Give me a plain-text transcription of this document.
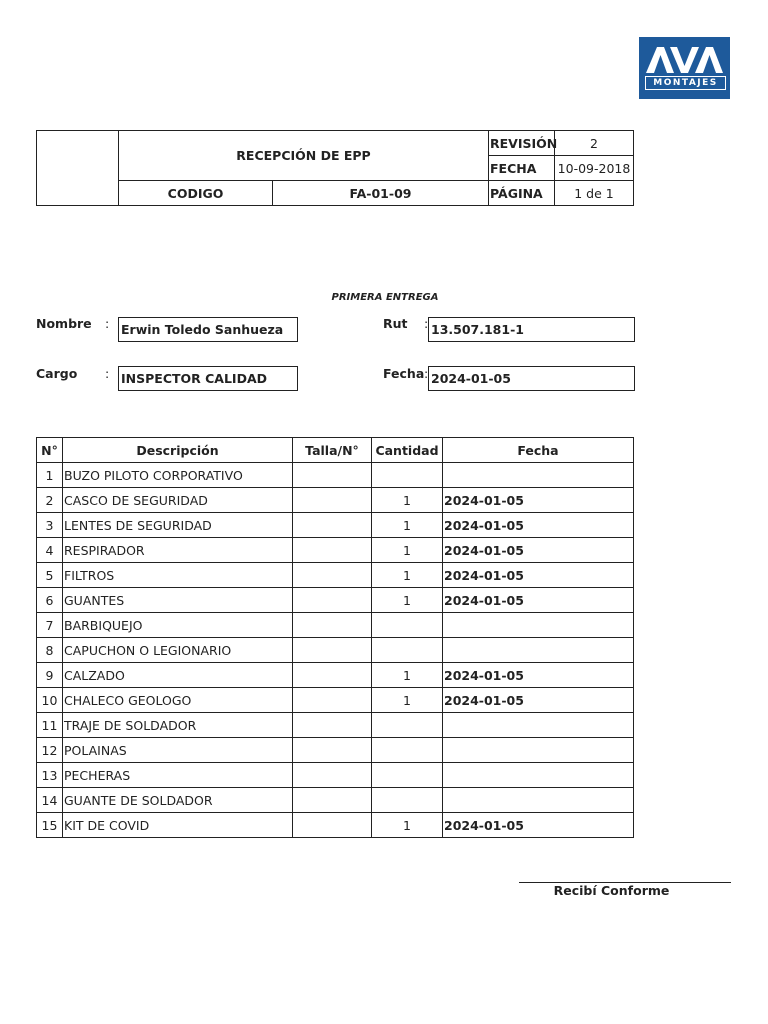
MONTAJES
RECEPCIÓN DE EPP
CODIGO	FA-01-09
REVISIÓN	2
FECHA	10-09-2018
PÁGINA	1 de 1
PRIMERA ENTREGA
Nombre : Erwin Toledo Sanhueza	Rut : 13.507.181-1
Cargo : INSPECTOR CALIDAD	Fecha : 2024-01-05
N°	Descripción	Talla/N°	Cantidad	Fecha
1	BUZO PILOTO CORPORATIVO			
2	CASCO DE SEGURIDAD		1	2024-01-05
3	LENTES DE SEGURIDAD		1	2024-01-05
4	RESPIRADOR		1	2024-01-05
5	FILTROS		1	2024-01-05
6	GUANTES		1	2024-01-05
7	BARBIQUEJO			
8	CAPUCHON O LEGIONARIO			
9	CALZADO		1	2024-01-05
10	CHALECO GEOLOGO		1	2024-01-05
11	TRAJE DE SOLDADOR			
12	POLAINAS			
13	PECHERAS			
14	GUANTE DE SOLDADOR			
15	KIT DE COVID		1	2024-01-05
Recibí Conforme
